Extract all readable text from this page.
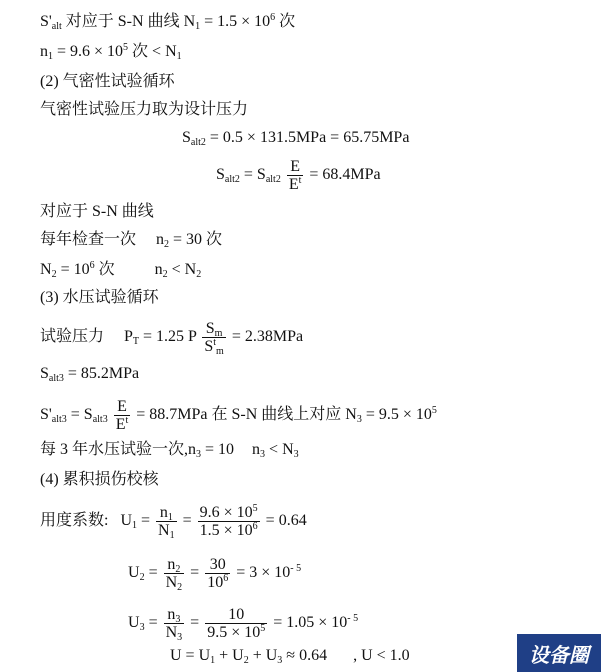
$S'_{alt}$ 对应于 S-N 曲线 $N_1 = 1.5 \times 10^6$ 次
$n_1 = 9.6 \times 10^5$ 次 < $N_1$
(2) 气密性试验循环
气密性试验压力取为设计压力
$S_{alt2} = 0.5 \times 131.5MPa = 65.75MPa$
$S_{alt2} = S_{alt2} \frac{E}{E^t} = 68.4MPa$
对应于 S-N 曲线
每年检查一次 $n_2 = 30$ 次
$N_2 = 10^6$ 次	$n_2 < N_2$
(3) 水压试验循环
试验压力 $P_T = 1.25$ P $\frac{S_m}{S^t_m} = 2.38MPa$
$S_{alt3} = 85.2MPa$
$S'_{alt3} = S_{alt3} \frac{E}{E^t} = 88.7MPa$ 在 S-N 曲线上对应 $N_3 = 9.5 \times 10^5$
每 3 年水压试验一次$,n_3 = 10$ $n_3 < N_3$
(4) 累积损伤校核
用度系数: $U_1 = \frac{n_1}{N_1} = \frac{9.6 \times 10^5}{1.5 \times 10^6} = 0.64$
$U_2 = \frac{n_2}{N_2} = \frac{30}{10^6} = 3 \times 10^{- 5}$
$U_3 = \frac{n_3}{N_3} = \frac{10}{9.5 \times 10^5} = 1.05 \times 10^{- 5}$
$U = U_1 + U_2 + U_3 \approx 0.64$ , U < 1.0	设备圈
